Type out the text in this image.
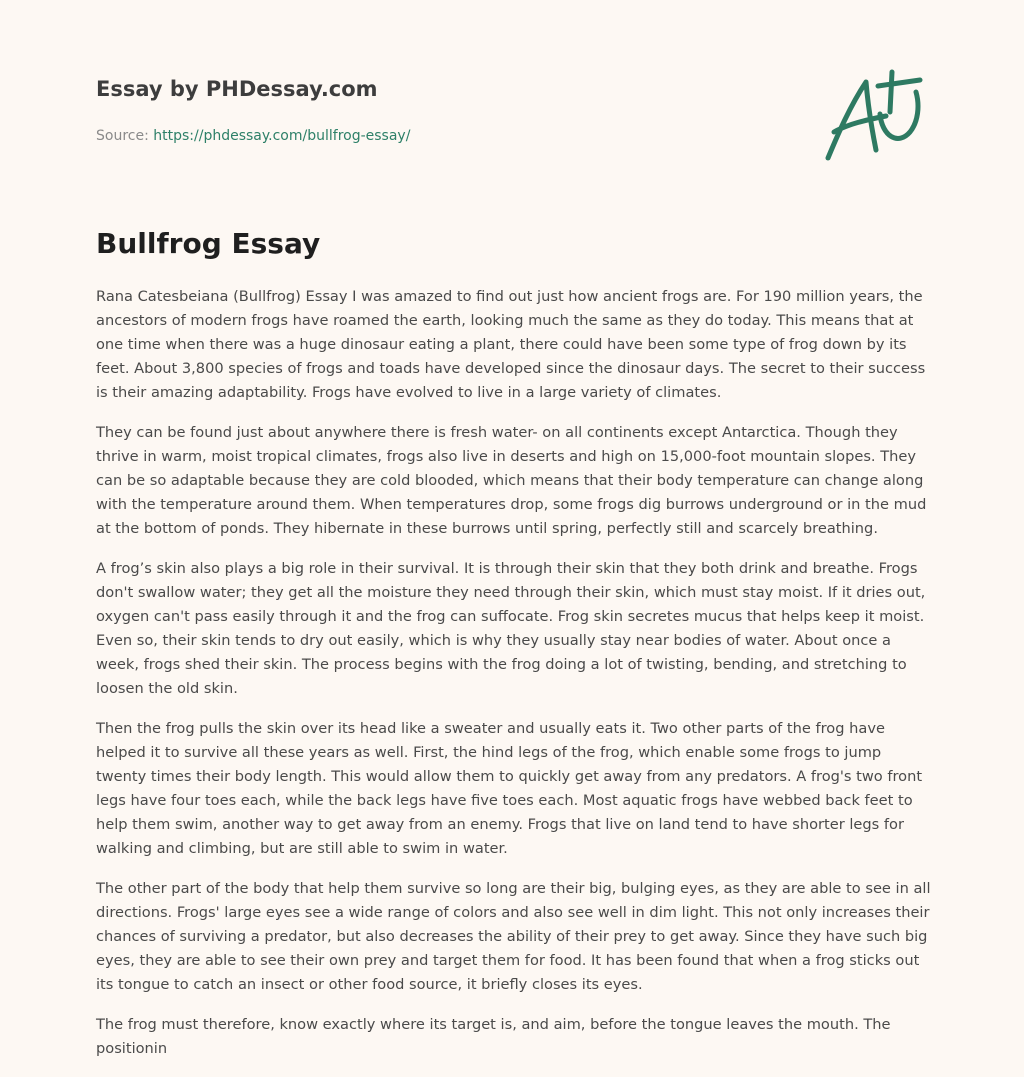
Essay by PHDessay.com
Source: https://phdessay.com/bullfrog-essay/
Bullfrog Essay

Rana Catesbeiana (Bullfrog) Essay I was amazed to find out just how ancient frogs are. For 190 million years, the ancestors of modern frogs have roamed the earth, looking much the same as they do today. This means that at one time when there was a huge dinosaur eating a plant, there could have been some type of frog down by its feet. About 3,800 species of frogs and toads have developed since the dinosaur days. The secret to their success is their amazing adaptability. Frogs have evolved to live in a large variety of climates.

They can be found just about anywhere there is fresh water- on all continents except Antarctica. Though they thrive in warm, moist tropical climates, frogs also live in deserts and high on 15,000-foot mountain slopes. They can be so adaptable because they are cold blooded, which means that their body temperature can change along with the temperature around them. When temperatures drop, some frogs dig burrows underground or in the mud at the bottom of ponds. They hibernate in these burrows until spring, perfectly still and scarcely breathing.

A frog’s skin also plays a big role in their survival. It is through their skin that they both drink and breathe. Frogs don't swallow water; they get all the moisture they need through their skin, which must stay moist. If it dries out, oxygen can't pass easily through it and the frog can suffocate. Frog skin secretes mucus that helps keep it moist. Even so, their skin tends to dry out easily, which is why they usually stay near bodies of water. About once a week, frogs shed their skin. The process begins with the frog doing a lot of twisting, bending, and stretching to loosen the old skin.

Then the frog pulls the skin over its head like a sweater and usually eats it. Two other parts of the frog have helped it to survive all these years as well. First, the hind legs of the frog, which enable some frogs to jump twenty times their body length. This would allow them to quickly get away from any predators. A frog's two front legs have four toes each, while the back legs have five toes each. Most aquatic frogs have webbed back feet to help them swim, another way to get away from an enemy. Frogs that live on land tend to have shorter legs for walking and climbing, but are still able to swim in water.

The other part of the body that help them survive so long are their big, bulging eyes, as they are able to see in all directions. Frogs' large eyes see a wide range of colors and also see well in dim light. This not only increases their chances of surviving a predator, but also decreases the ability of their prey to get away. Since they have such big eyes, they are able to see their own prey and target them for food. It has been found that when a frog sticks out its tongue to catch an insect or other food source, it briefly closes its eyes.

The frog must therefore, know exactly where its target is, and aim, before the tongue leaves the mouth. The positionin
